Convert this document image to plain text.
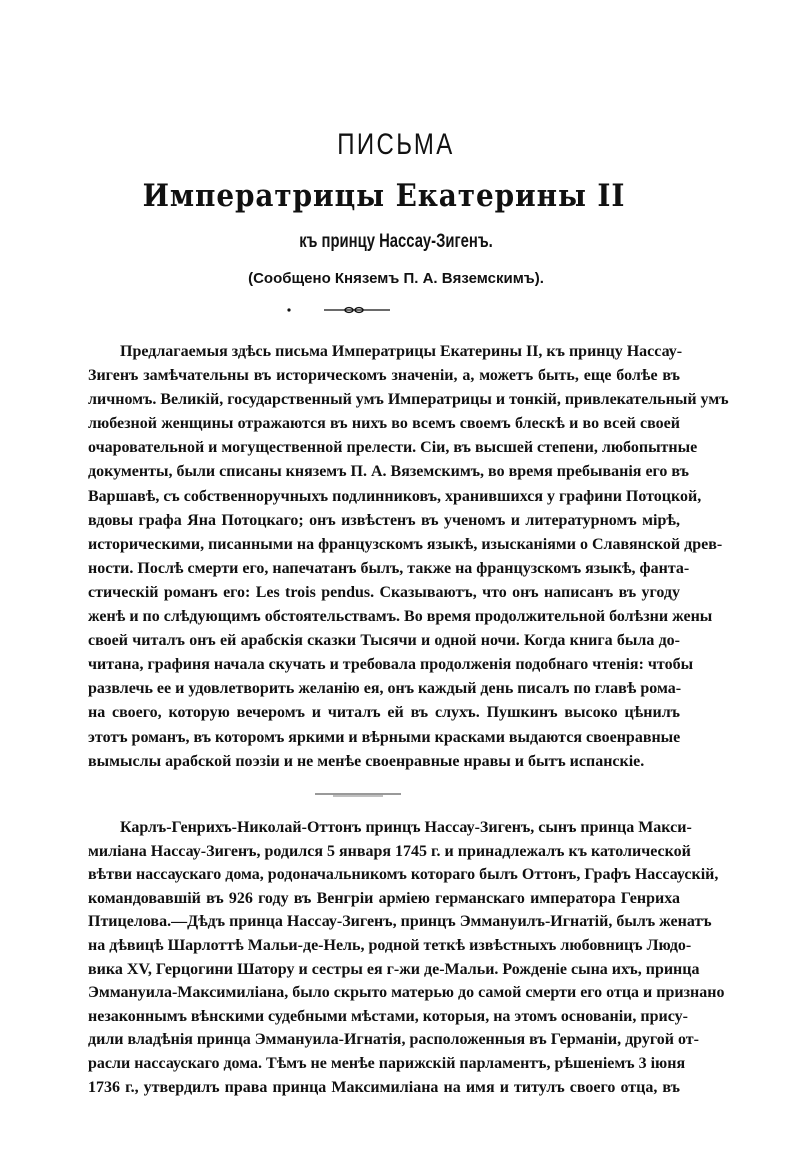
ПИСЬМА
Императрицы Екатерины II
къ принцу Нассау-Зигенъ.
(Сообщено Княземъ П. А. Вяземскимъ).
Предлагаемыя здѣсь письма Императрицы Екатерины II, къ принцу Нассау-
Зигенъ замѣчательны въ историческомъ значеніи, а, можетъ быть, еще болѣе въ
личномъ. Великій, государственный умъ Императрицы и тонкій, привлекательный умъ
любезной женщины отражаются въ нихъ во всемъ своемъ блескѣ и во всей своей
очаровательной и могущественной прелести. Сіи, въ высшей степени, любопытные
документы, были списаны княземъ П. А. Вяземскимъ, во время пребыванія его въ
Варшавѣ, съ собственноручныхъ подлинниковъ, хранившихся у графини Потоцкой,
вдовы графа Яна Потоцкаго; онъ извѣстенъ въ ученомъ и литературномъ мірѣ,
историческими, писанными на французскомъ языкѣ, изысканіями о Славянской древ-
ности. Послѣ смерти его, напечатанъ былъ, также на французскомъ языкѣ, фанта-
стическій романъ его: Les trois pendus. Сказываютъ, что онъ написанъ въ угоду
женѣ и по слѣдующимъ обстоятельствамъ. Во время продолжительной болѣзни жены
своей читалъ онъ ей арабскія сказки Тысячи и одной ночи. Когда книга была до-
читана, графиня начала скучать и требовала продолженія подобнаго чтенія: чтобы
развлечь ее и удовлетворить желанію ея, онъ каждый день писалъ по главѣ рома-
на своего, которую вечеромъ и читалъ ей въ слухъ. Пушкинъ высоко цѣнилъ
этотъ романъ, въ которомъ яркими и вѣрными красками выдаются своенравные
вымыслы арабской поэзіи и не менѣе своенравные нравы и бытъ испанскіе.
Карлъ-Генрихъ-Николай-Оттонъ принцъ Нассау-Зигенъ, сынъ принца Макси-
миліана Нассау-Зигенъ, родился 5 января 1745 г. и принадлежалъ къ католической
вѣтви нассаускаго дома, родоначальникомъ котораго былъ Оттонъ, Графъ Нассаускій,
командовавшій въ 926 году въ Венгріи арміею германскаго императора Генриха
Птицелова.—Дѣдъ принца Нассау-Зигенъ, принцъ Эммануилъ-Игнатій, былъ женатъ
на дѣвицѣ Шарлоттѣ Мальи-де-Нель, родной теткѣ извѣстныхъ любовницъ Людо-
вика XV, Герцогини Шатору и сестры ея г-жи де-Мальи. Рожденіе сына ихъ, принца
Эммануила-Максимиліана, было скрыто матерью до самой смерти его отца и признано
незаконнымъ вѣнскими судебными мѣстами, которыя, на этомъ основаніи, прису-
дили владѣнія принца Эммануила-Игнатія, расположенныя въ Германіи, другой от-
расли нассаускаго дома. Тѣмъ не менѣе парижскій парламентъ, рѣшеніемъ 3 іюня
1736 г., утвердилъ права принца Максимиліана на имя и титулъ своего отца, въ
